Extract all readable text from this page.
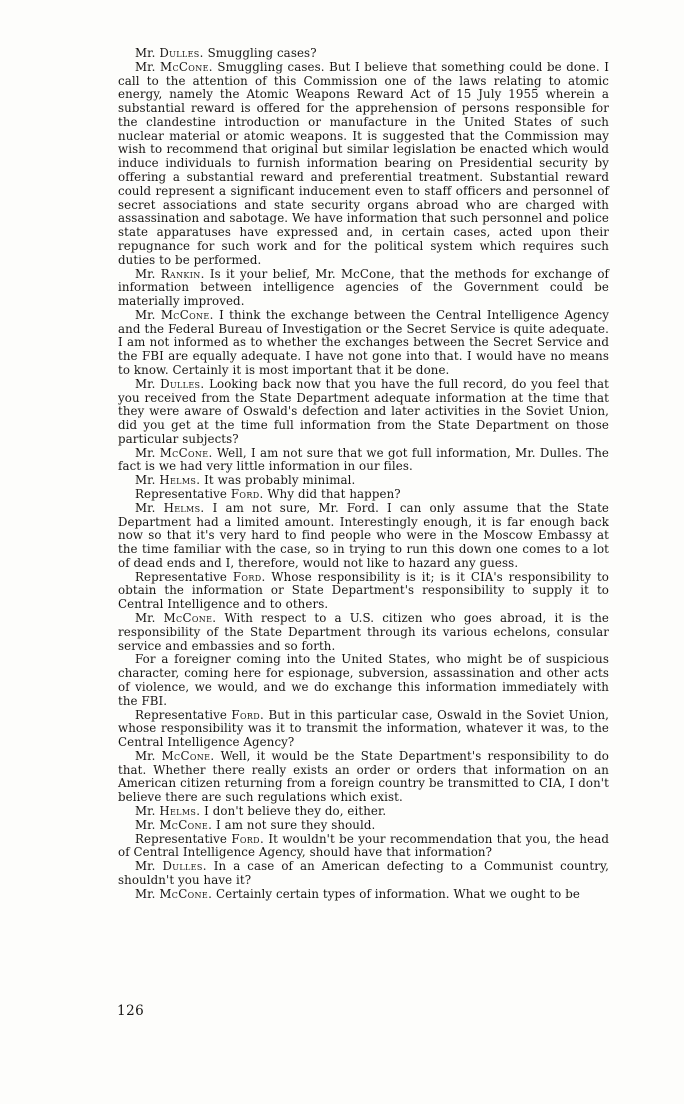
Mr. Dulles. Smuggling cases?

Mr. McCone. Smuggling cases. But I believe that something could be done. I call to the attention of this Commission one of the laws relating to atomic energy, namely the Atomic Weapons Reward Act of 15 July 1955 wherein a substantial reward is offered for the apprehension of persons responsible for the clandestine introduction or manufacture in the United States of such nuclear material or atomic weapons. It is suggested that the Commission may wish to recommend that original but similar legislation be enacted which would induce individuals to furnish information bearing on Presidential security by offering a substantial reward and preferential treatment. Substantial reward could represent a significant inducement even to staff officers and personnel of secret associations and state security organs abroad who are charged with assassination and sabotage. We have information that such personnel and police state apparatuses have expressed and, in certain cases, acted upon their repugnance for such work and for the political system which requires such duties to be performed.

Mr. Rankin. Is it your belief, Mr. McCone, that the methods for exchange of information between intelligence agencies of the Government could be materially improved.

Mr. McCone. I think the exchange between the Central Intelligence Agency and the Federal Bureau of Investigation or the Secret Service is quite adequate. I am not informed as to whether the exchanges between the Secret Service and the FBI are equally adequate. I have not gone into that. I would have no means to know. Certainly it is most important that it be done.

Mr. Dulles. Looking back now that you have the full record, do you feel that you received from the State Department adequate information at the time that they were aware of Oswald's defection and later activities in the Soviet Union, did you get at the time full information from the State Department on those particular subjects?

Mr. McCone. Well, I am not sure that we got full information, Mr. Dulles. The fact is we had very little information in our files.

Mr. Helms. It was probably minimal.

Representative Ford. Why did that happen?

Mr. Helms. I am not sure, Mr. Ford. I can only assume that the State Department had a limited amount. Interestingly enough, it is far enough back now so that it's very hard to find people who were in the Moscow Embassy at the time familiar with the case, so in trying to run this down one comes to a lot of dead ends and I, therefore, would not like to hazard any guess.

Representative Ford. Whose responsibility is it; is it CIA's responsibility to obtain the information or State Department's responsibility to supply it to Central Intelligence and to others.

Mr. McCone. With respect to a U.S. citizen who goes abroad, it is the responsibility of the State Department through its various echelons, consular service and embassies and so forth.

For a foreigner coming into the United States, who might be of suspicious character, coming here for espionage, subversion, assassination and other acts of violence, we would, and we do exchange this information immediately with the FBI.

Representative Ford. But in this particular case, Oswald in the Soviet Union, whose responsibility was it to transmit the information, whatever it was, to the Central Intelligence Agency?

Mr. McCone. Well, it would be the State Department's responsibility to do that. Whether there really exists an order or orders that information on an American citizen returning from a foreign country be transmitted to CIA, I don't believe there are such regulations which exist.

Mr. Helms. I don't believe they do, either.

Mr. McCone. I am not sure they should.

Representative Ford. It wouldn't be your recommendation that you, the head of Central Intelligence Agency, should have that information?

Mr. Dulles. In a case of an American defecting to a Communist country, shouldn't you have it?

Mr. McCone. Certainly certain types of information. What we ought to be

126
